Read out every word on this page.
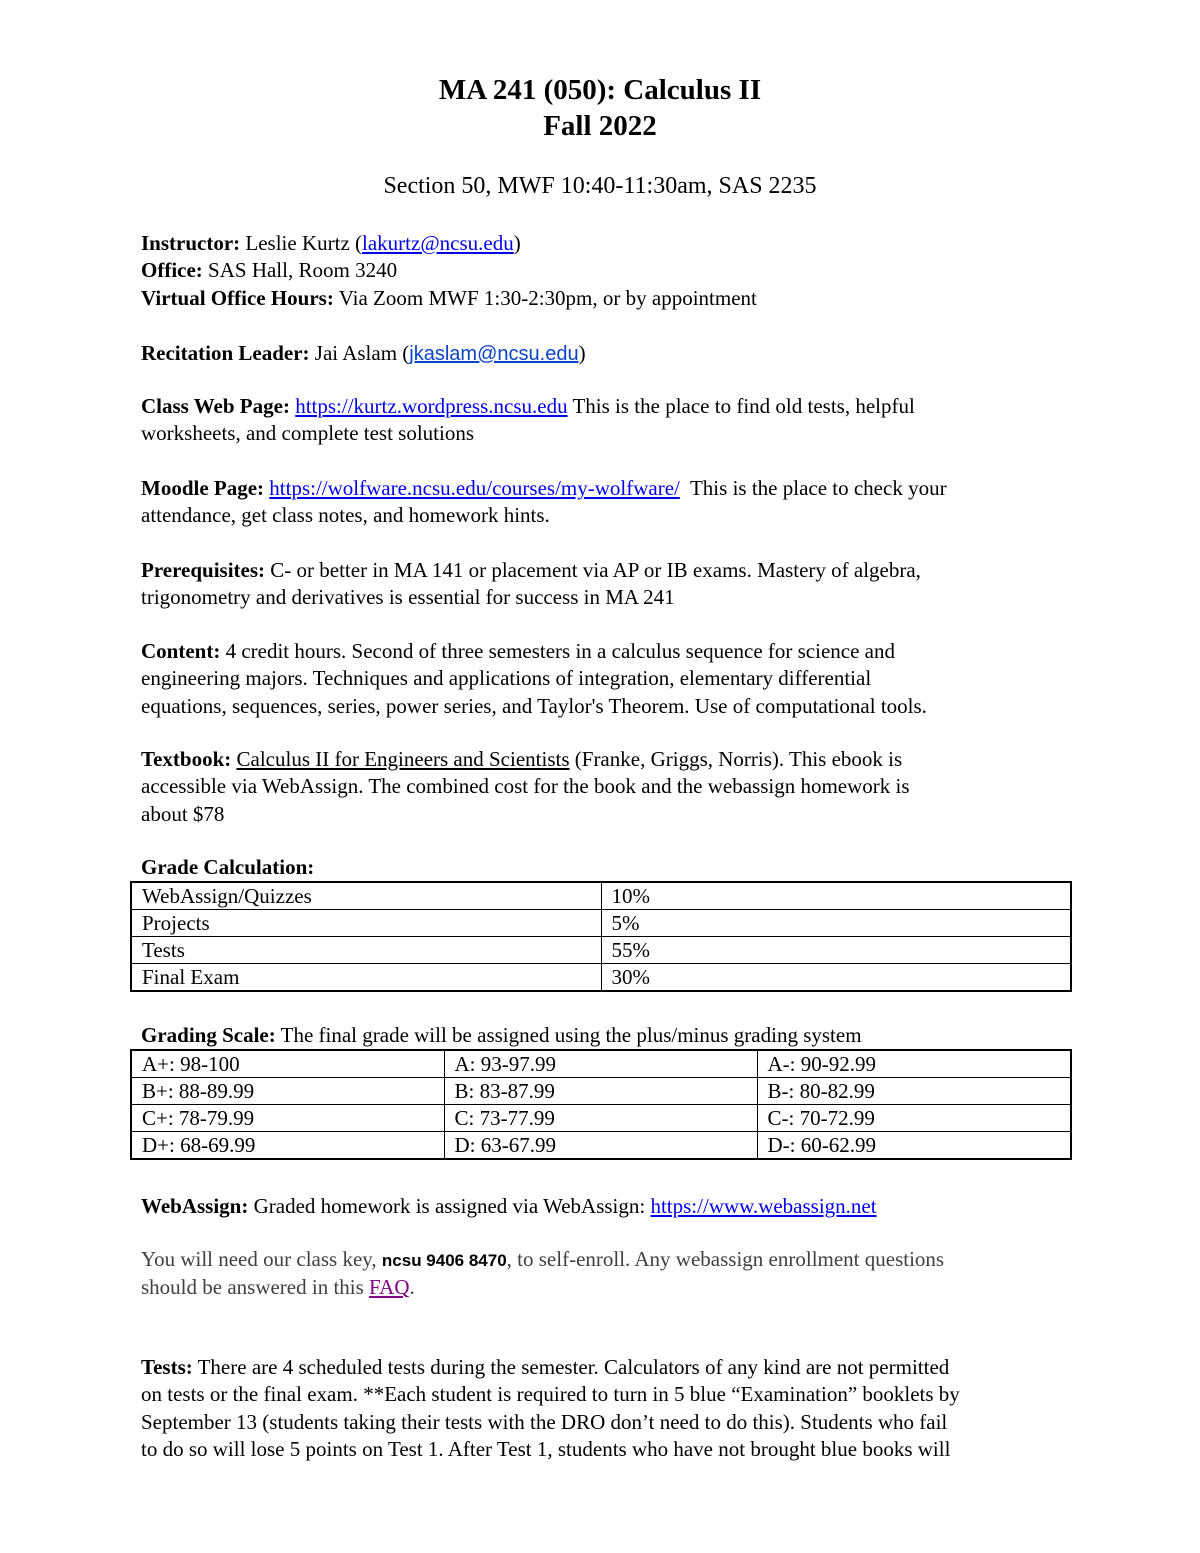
MA 241 (050): Calculus II
Fall 2022
Section 50, MWF 10:40-11:30am, SAS 2235
Instructor: Leslie Kurtz (lakurtz@ncsu.edu)
Office: SAS Hall, Room 3240
Virtual Office Hours: Via Zoom MWF 1:30-2:30pm, or by appointment
Recitation Leader: Jai Aslam (jkaslam@ncsu.edu)
Class Web Page: https://kurtz.wordpress.ncsu.edu This is the place to find old tests, helpful
worksheets, and complete test solutions
Moodle Page: https://wolfware.ncsu.edu/courses/my-wolfware/ This is the place to check your
attendance, get class notes, and homework hints.
Prerequisites: C- or better in MA 141 or placement via AP or IB exams. Mastery of algebra,
trigonometry and derivatives is essential for success in MA 241
Content: 4 credit hours. Second of three semesters in a calculus sequence for science and
engineering majors. Techniques and applications of integration, elementary differential
equations, sequences, series, power series, and Taylor's Theorem. Use of computational tools.
Textbook: Calculus II for Engineers and Scientists (Franke, Griggs, Norris). This ebook is
accessible via WebAssign. The combined cost for the book and the webassign homework is
about $78
Grade Calculation:
WebAssign/Quizzes	10%
Projects	5%
Tests	55%
Final Exam	30%
Grading Scale: The final grade will be assigned using the plus/minus grading system
A+: 98-100	A: 93-97.99	A-: 90-92.99
B+: 88-89.99	B: 83-87.99	B-: 80-82.99
C+: 78-79.99	C: 73-77.99	C-: 70-72.99
D+: 68-69.99	D: 63-67.99	D-: 60-62.99
WebAssign: Graded homework is assigned via WebAssign: https://www.webassign.net
You will need our class key, ncsu 9406 8470, to self-enroll. Any webassign enrollment questions
should be answered in this FAQ.
Tests: There are 4 scheduled tests during the semester. Calculators of any kind are not permitted
on tests or the final exam. **Each student is required to turn in 5 blue “Examination” booklets by
September 13 (students taking their tests with the DRO don’t need to do this). Students who fail
to do so will lose 5 points on Test 1. After Test 1, students who have not brought blue books will
